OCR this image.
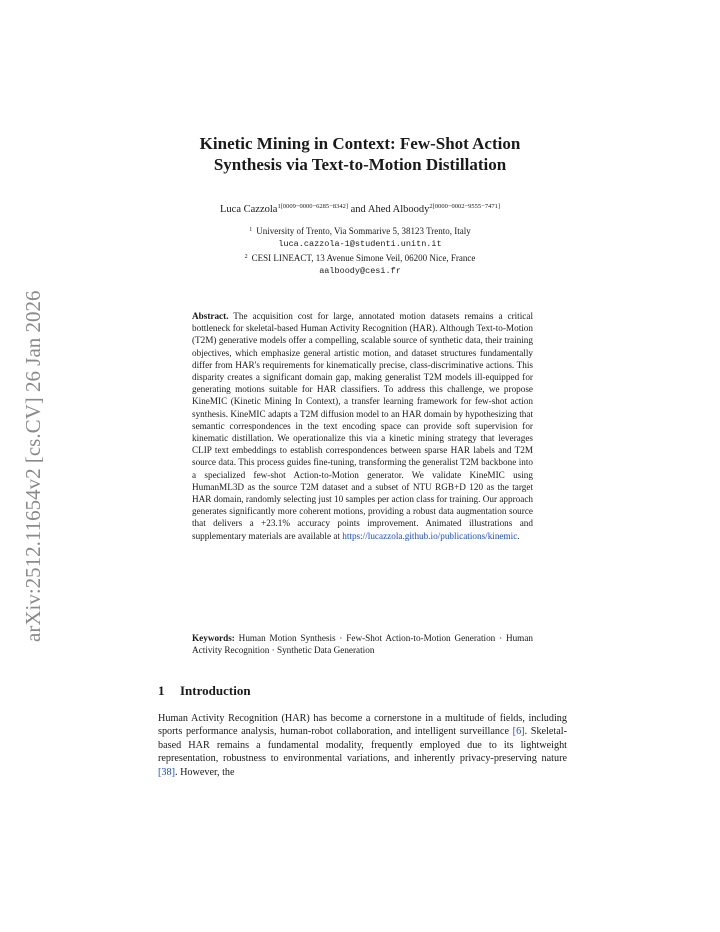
arXiv:2512.11654v2 [cs.CV] 26 Jan 2026
Kinetic Mining in Context: Few-Shot Action
Synthesis via Text-to-Motion Distillation
Luca Cazzola$^{1[0009-0000-6285-8342]}$ and Ahed Alboody$^{2[0000-0002-9555-7471]}$
$^1$ University of Trento, Via Sommarive 5, 38123 Trento, Italy
luca.cazzola-1@studenti.unitn.it
$^2$ CESI LINEACT, 13 Avenue Simone Veil, 06200 Nice, France
aalboody@cesi.fr

Abstract. The acquisition cost for large, annotated motion datasets remains a critical bottleneck for skeletal-based Human Activity Recognition (HAR). Although Text-to-Motion (T2M) generative models offer a compelling, scalable source of synthetic data, their training objectives, which emphasize general artistic motion, and dataset structures fundamentally differ from HAR's requirements for kinematically precise, class-discriminative actions. This disparity creates a significant domain gap, making generalist T2M models ill-equipped for generating motions suitable for HAR classifiers. To address this challenge, we propose KineMIC (Kinetic Mining In Context), a transfer learning framework for few-shot action synthesis. KineMIC adapts a T2M diffusion model to an HAR domain by hypothesizing that semantic correspondences in the text encoding space can provide soft supervision for kinematic distillation. We operationalize this via a kinetic mining strategy that leverages CLIP text embeddings to establish correspondences between sparse HAR labels and T2M source data. This process guides fine-tuning, transforming the generalist T2M backbone into a specialized few-shot Action-to-Motion generator. We validate KineMIC using HumanML3D as the source T2M dataset and a subset of NTU RGB+D 120 as the target HAR domain, randomly selecting just 10 samples per action class for training. Our approach generates significantly more coherent motions, providing a robust data augmentation source that delivers a +23.1% accuracy points improvement. Animated illustrations and supplementary materials are available at https://lucazzola.github.io/publications/kinemic.

Keywords: Human Motion Synthesis · Few-Shot Action-to-Motion Generation · Human Activity Recognition · Synthetic Data Generation

1 Introduction

Human Activity Recognition (HAR) has become a cornerstone in a multitude of fields, including sports performance analysis, human-robot collaboration, and intelligent surveillance [6]. Skeletal-based HAR remains a fundamental modality, frequently employed due to its lightweight representation, robustness to environmental variations, and inherently privacy-preserving nature [38]. However, the
